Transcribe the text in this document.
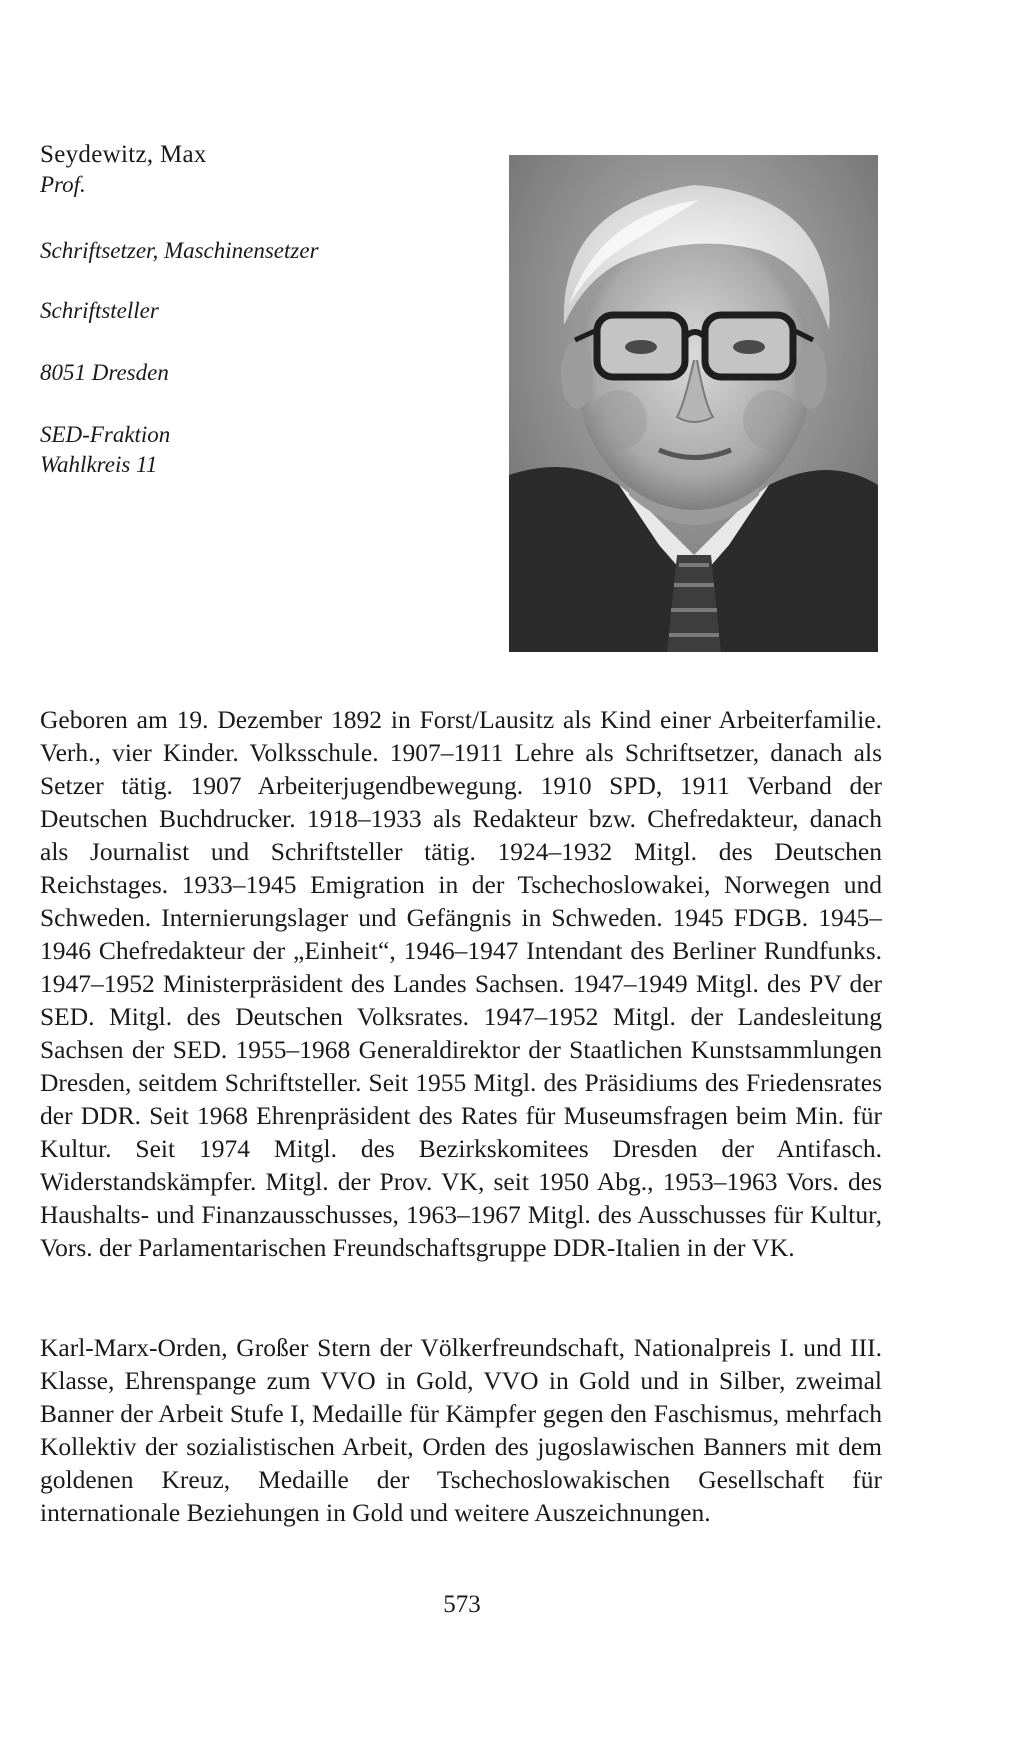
Seydewitz, Max

Prof.

Schriftsetzer, Maschinensetzer

Schriftsteller

8051 Dresden

SED-Fraktion

Wahlkreis 11

Geboren am 19. Dezember 1892 in Forst/Lausitz als Kind einer Arbeiterfamilie. Verh., vier Kinder. Volksschule. 1907–1911 Lehre als Schriftsetzer, danach als Setzer tätig. 1907 Arbeiterjugendbewegung. 1910 SPD, 1911 Verband der Deutschen Buchdrucker. 1918–1933 als Redakteur bzw. Chefredakteur, danach als Journalist und Schriftsteller tätig. 1924–1932 Mitgl. des Deutschen Reichstages. 1933–1945 Emigration in der Tschechoslowakei, Norwegen und Schweden. Internierungslager und Gefängnis in Schweden. 1945 FDGB. 1945–1946 Chefredakteur der „Einheit“, 1946–1947 Intendant des Berliner Rundfunks. 1947–1952 Ministerpräsident des Landes Sachsen. 1947–1949 Mitgl. des PV der SED. Mitgl. des Deutschen Volksrates. 1947–1952 Mitgl. der Landesleitung Sachsen der SED. 1955–1968 Generaldirektor der Staatlichen Kunstsammlungen Dresden, seitdem Schriftsteller. Seit 1955 Mitgl. des Präsidiums des Friedensrates der DDR. Seit 1968 Ehrenpräsident des Rates für Museumsfragen beim Min. für Kultur. Seit 1974 Mitgl. des Bezirkskomitees Dresden der Antifasch. Widerstandskämpfer. Mitgl. der Prov. VK, seit 1950 Abg., 1953–1963 Vors. des Haushalts- und Finanzausschusses, 1963–1967 Mitgl. des Ausschusses für Kultur, Vors. der Parlamentarischen Freundschaftsgruppe DDR-Italien in der VK.

Karl-Marx-Orden, Großer Stern der Völkerfreundschaft, Nationalpreis I. und III. Klasse, Ehrenspange zum VVO in Gold, VVO in Gold und in Silber, zweimal Banner der Arbeit Stufe I, Medaille für Kämpfer gegen den Faschismus, mehrfach Kollektiv der sozialistischen Arbeit, Orden des jugoslawischen Banners mit dem goldenen Kreuz, Medaille der Tschechoslowakischen Gesellschaft für internationale Beziehungen in Gold und weitere Auszeichnungen.

573
